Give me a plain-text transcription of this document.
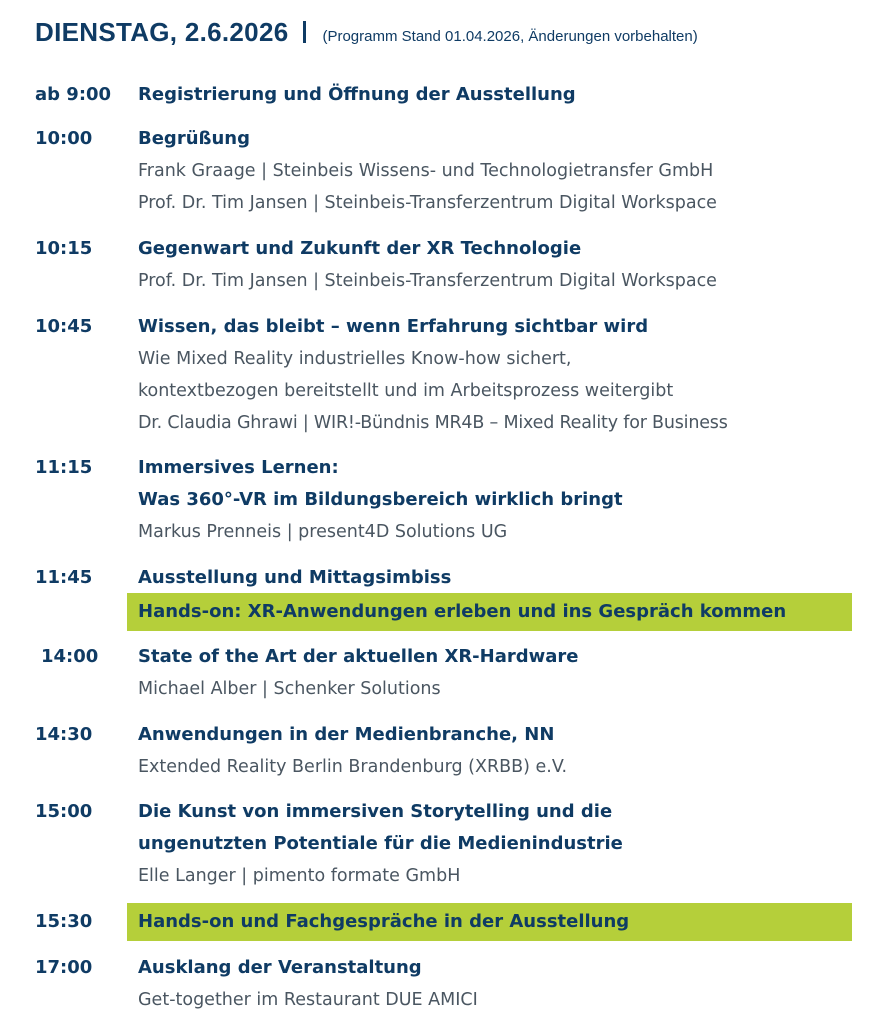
DIENSTAG, 2.6.2026 (Programm Stand 01.04.2026, Änderungen vorbehalten)
ab 9:00 Registrierung und Öffnung der Ausstellung
10:00	Begrüßung
Frank Graage | Steinbeis Wissens- und Technologietransfer GmbH
Prof. Dr. Tim Jansen | Steinbeis-Transferzentrum Digital Workspace
10:15	Gegenwart und Zukunft der XR Technologie
Prof. Dr. Tim Jansen | Steinbeis-Transferzentrum Digital Workspace
10:45	Wissen, das bleibt – wenn Erfahrung sichtbar wird
Wie Mixed Reality industrielles Know-how sichert,
kontextbezogen bereitstellt und im Arbeitsprozess weitergibt
Dr. Claudia Ghrawi | WIR!-Bündnis MR4B – Mixed Reality for Business
11:15	Immersives Lernen:
Was 360°-VR im Bildungsbereich wirklich bringt
Markus Prenneis | present4D Solutions UG
11:45	Ausstellung und Mittagsimbiss
Hands-on: XR-Anwendungen erleben und ins Gespräch kommen
14:00 State of the Art der aktuellen XR-Hardware
Michael Alber | Schenker Solutions
14:30	Anwendungen in der Medienbranche, NN
Extended Reality Berlin Brandenburg (XRBB) e.V.
15:00	Die Kunst von immersiven Storytelling und die
ungenutzten Potentiale für die Medienindustrie
Elle Langer | pimento formate GmbH
15:30	Hands-on und Fachgespräche in der Ausstellung
17:00	Ausklang der Veranstaltung
Get-together im Restaurant DUE AMICI
